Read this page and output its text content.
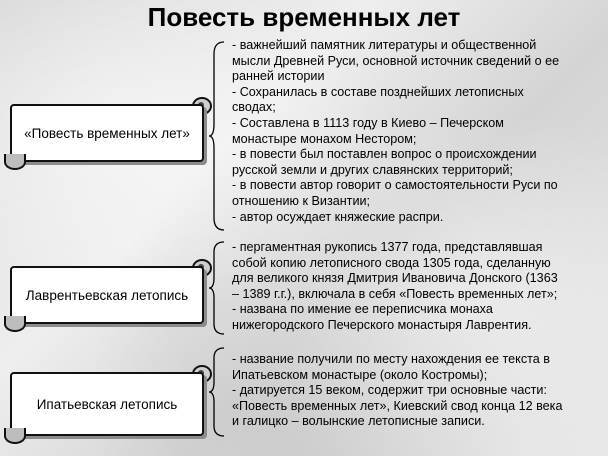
Повесть временных лет
«Повесть временных лет»

- важнейший памятник литературы и общественной

мысли Древней Руси, основной источник сведений о ее

ранней истории

- Сохранилась в составе позднейших летописных

сводах;

- Составлена в 1113 году в Киево – Печерском

монастыре монахом Нестором;

- в повести был поставлен вопрос о происхождении

русской земли и других славянских территорий;

- в повести автор говорит о самостоятельности Руси по

отношению к Византии;

- автор осуждает княжеские распри.

Лаврентьевская летопись

- пергаментная рукопись 1377 года, представлявшая

собой копию летописного свода 1305 года, сделанную

для великого князя Дмитрия Ивановича Донского (1363

– 1389 г.г.), включала в себя «Повесть временных лет»;

- названа по имение ее переписчика монаха

нижегородского Печерского монастыря Лаврентия.

Ипатьевская летопись

- название получили по месту нахождения ее текста в

Ипатьевском монастыре (около Костромы);

- датируется 15 веком, содержит три основные части:

«Повесть временных лет», Киевский свод конца 12 века

и галицко – волынские летописные записи.
